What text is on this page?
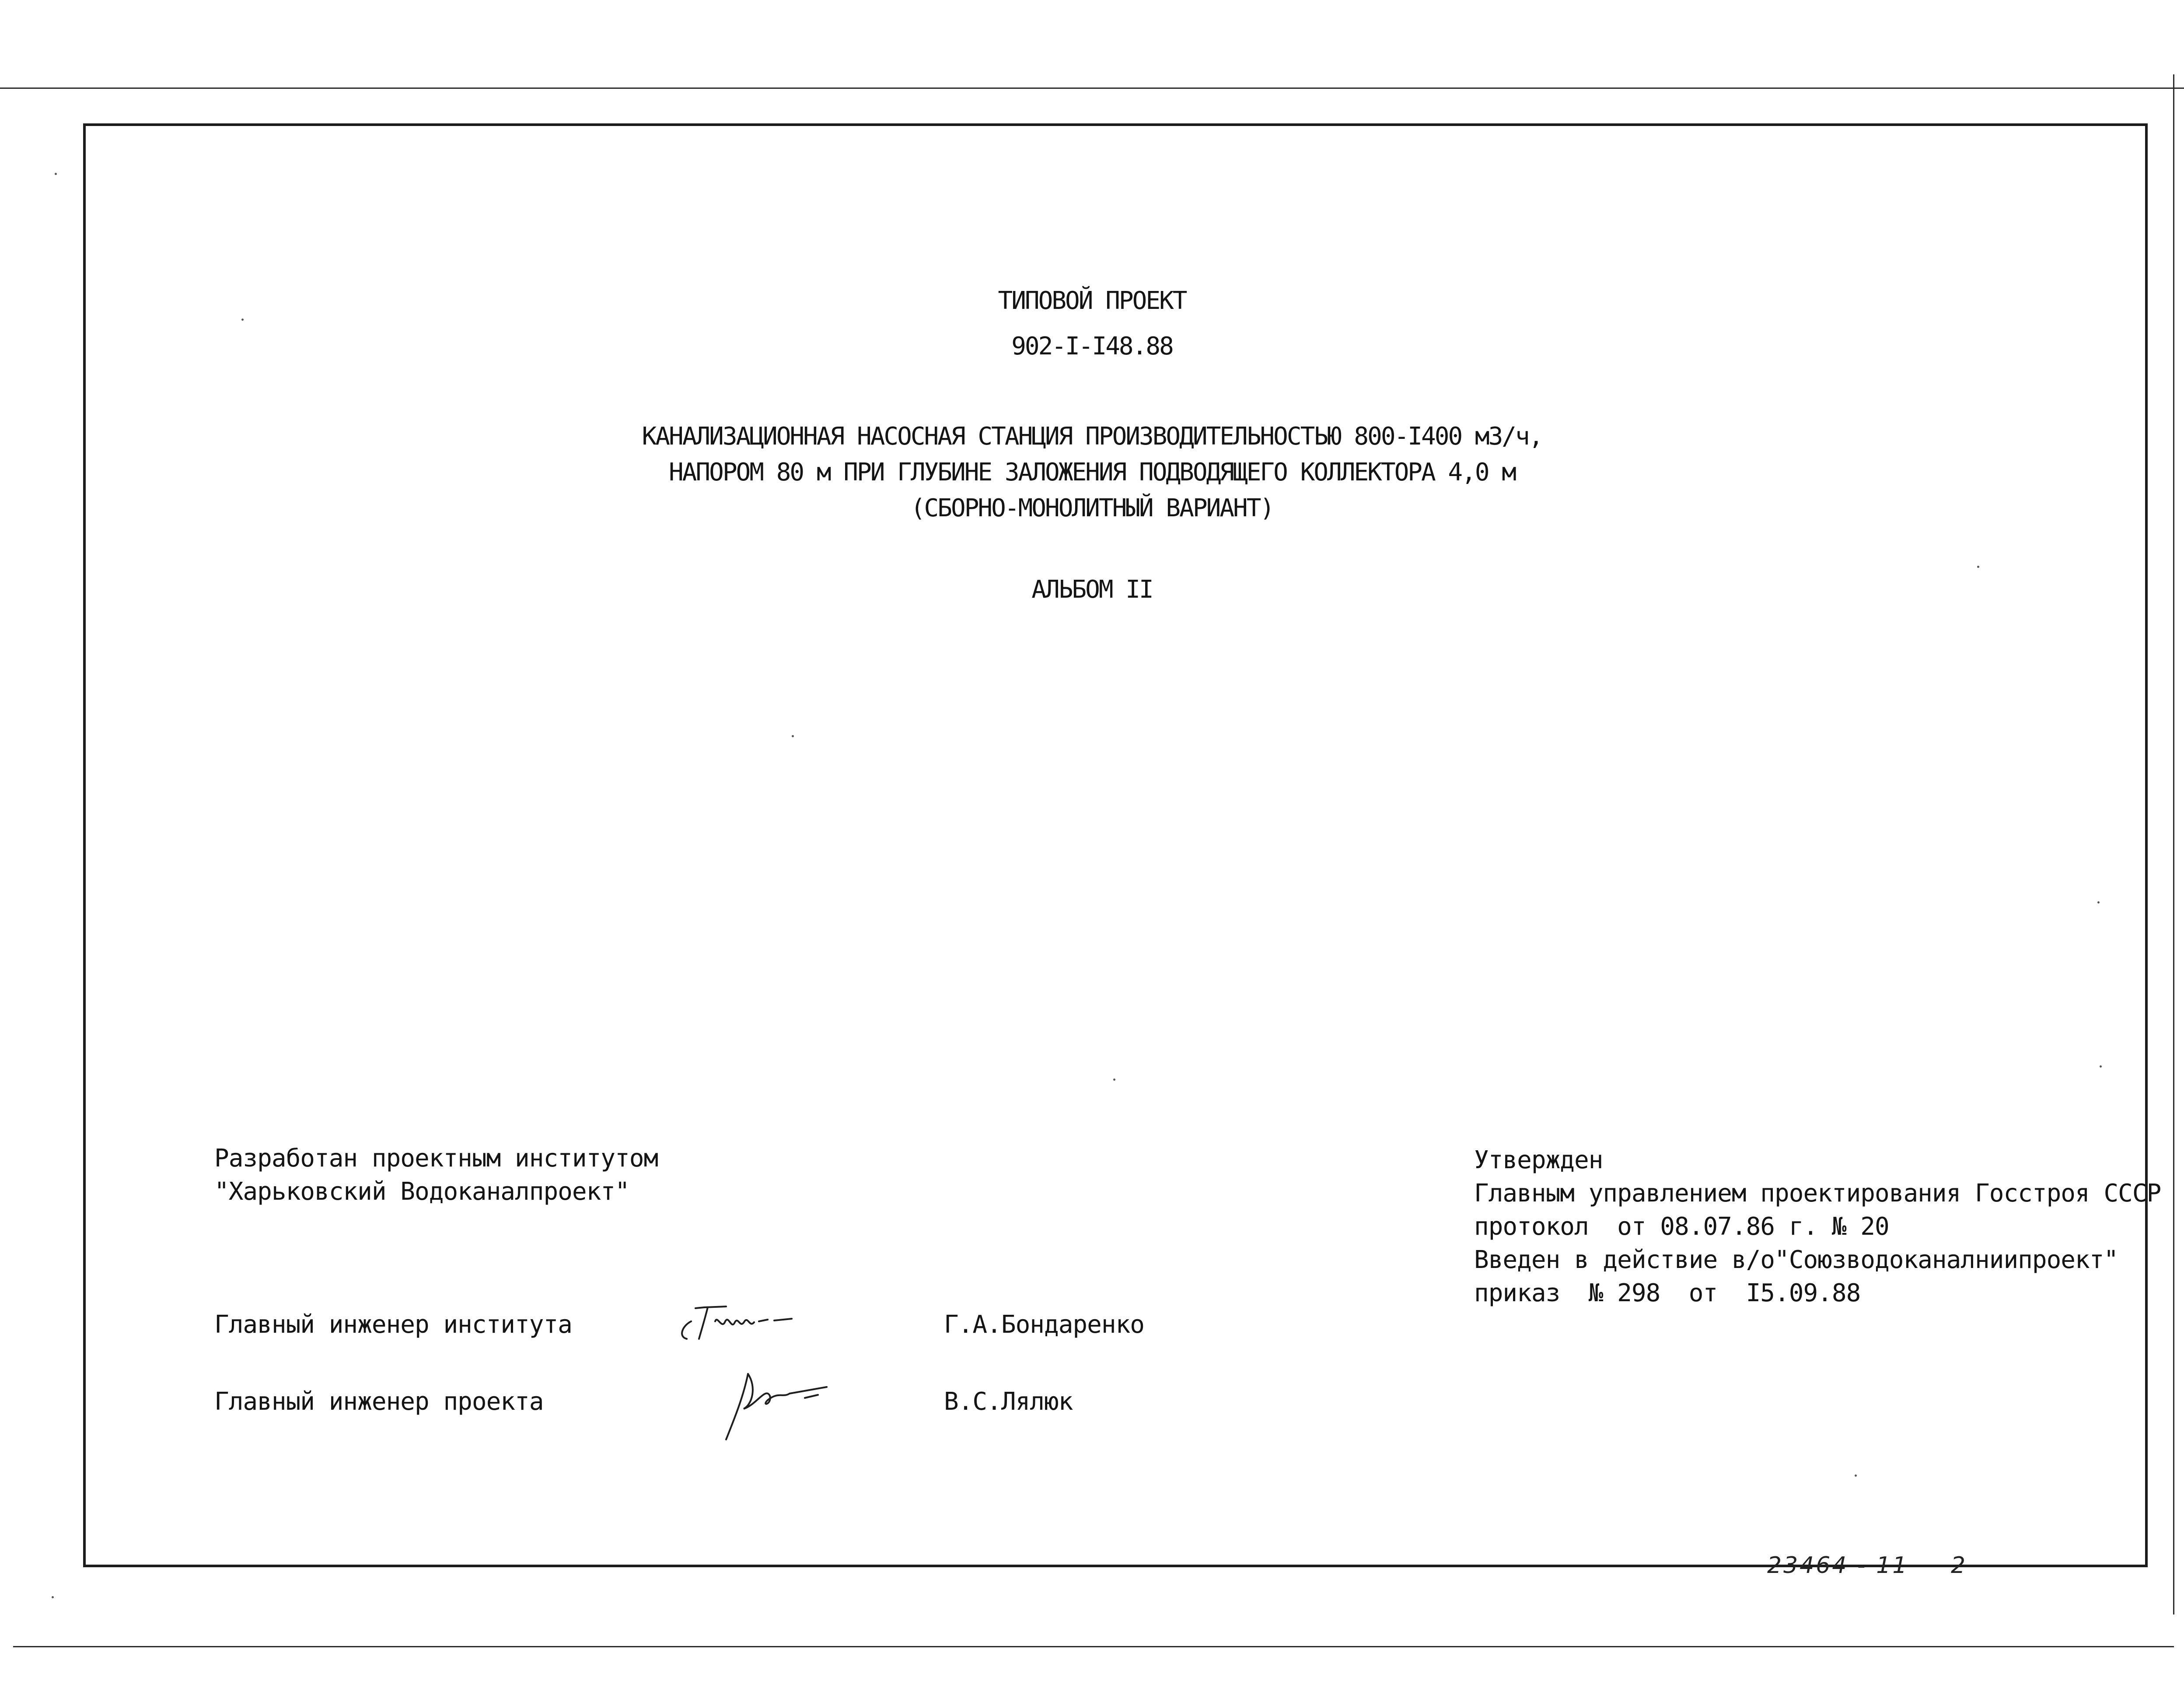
ТИПОВОЙ ПРОЕКТ
902-I-I48.88
КАНАЛИЗАЦИОННАЯ НАСОСНАЯ СТАНЦИЯ ПРОИЗВОДИТЕЛЬНОСТЬЮ 800-I400 м3/ч,
НАПОРОМ 80 м ПРИ ГЛУБИНЕ ЗАЛОЖЕНИЯ ПОДВОДЯЩЕГО КОЛЛЕКТОРА 4,0 м
(СБОРНО-МОНОЛИТНЫЙ ВАРИАНТ)
АЛЬБОМ II
Разработан проектным институтом
"Харьковский Водоканалпроект"
Утвержден
Главным управлением проектирования Госстроя СССР
протокол  от 08.07.86 г. № 20
Введен в действие в/о"Союзводоканалниипроект"
приказ  № 298  от  I5.09.88
Главный инженер института	Г.А.Бондаренко
Главный инженер проекта	В.С.Лялюк
23464 - 11 2
